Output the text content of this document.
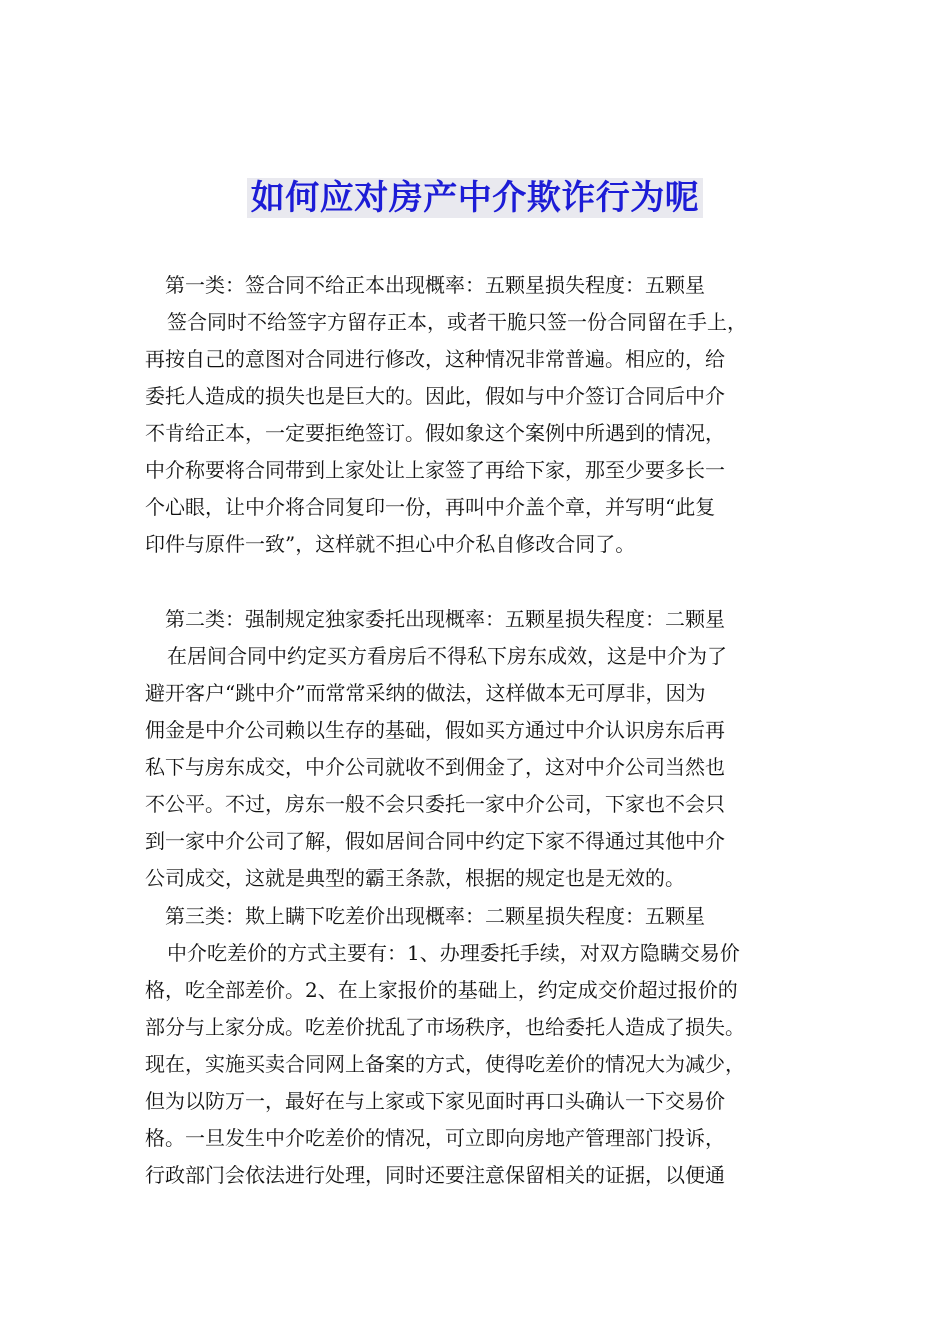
如何应对房产中介欺诈行为呢
第一类：签合同不给正本出现概率：五颗星损失程度：五颗星
签合同时不给签字方留存正本，或者干脆只签一份合同留在手上，
再按自己的意图对合同进行修改，这种情况非常普遍。相应的，给
委托人造成的损失也是巨大的。因此，假如与中介签订合同后中介
不肯给正本，一定要拒绝签订。假如象这个案例中所遇到的情况，
中介称要将合同带到上家处让上家签了再给下家，那至少要多长一
个心眼，让中介将合同复印一份，再叫中介盖个章，并写明“此复
印件与原件一致”，这样就不担心中介私自修改合同了。
第二类：强制规定独家委托出现概率：五颗星损失程度：二颗星
在居间合同中约定买方看房后不得私下房东成效，这是中介为了
避开客户“跳中介”而常常采纳的做法，这样做本无可厚非，因为
佣金是中介公司赖以生存的基础，假如买方通过中介认识房东后再
私下与房东成交，中介公司就收不到佣金了，这对中介公司当然也
不公平。不过，房东一般不会只委托一家中介公司，下家也不会只
到一家中介公司了解，假如居间合同中约定下家不得通过其他中介
公司成交，这就是典型的霸王条款，根据的规定也是无效的。
第三类：欺上瞒下吃差价出现概率：二颗星损失程度：五颗星
中介吃差价的方式主要有：1、办理委托手续，对双方隐瞒交易价
格，吃全部差价。2、在上家报价的基础上，约定成交价超过报价的
部分与上家分成。吃差价扰乱了市场秩序，也给委托人造成了损失。
现在，实施买卖合同网上备案的方式，使得吃差价的情况大为减少，
但为以防万一，最好在与上家或下家见面时再口头确认一下交易价
格。一旦发生中介吃差价的情况，可立即向房地产管理部门投诉，
行政部门会依法进行处理，同时还要注意保留相关的证据，以便通
